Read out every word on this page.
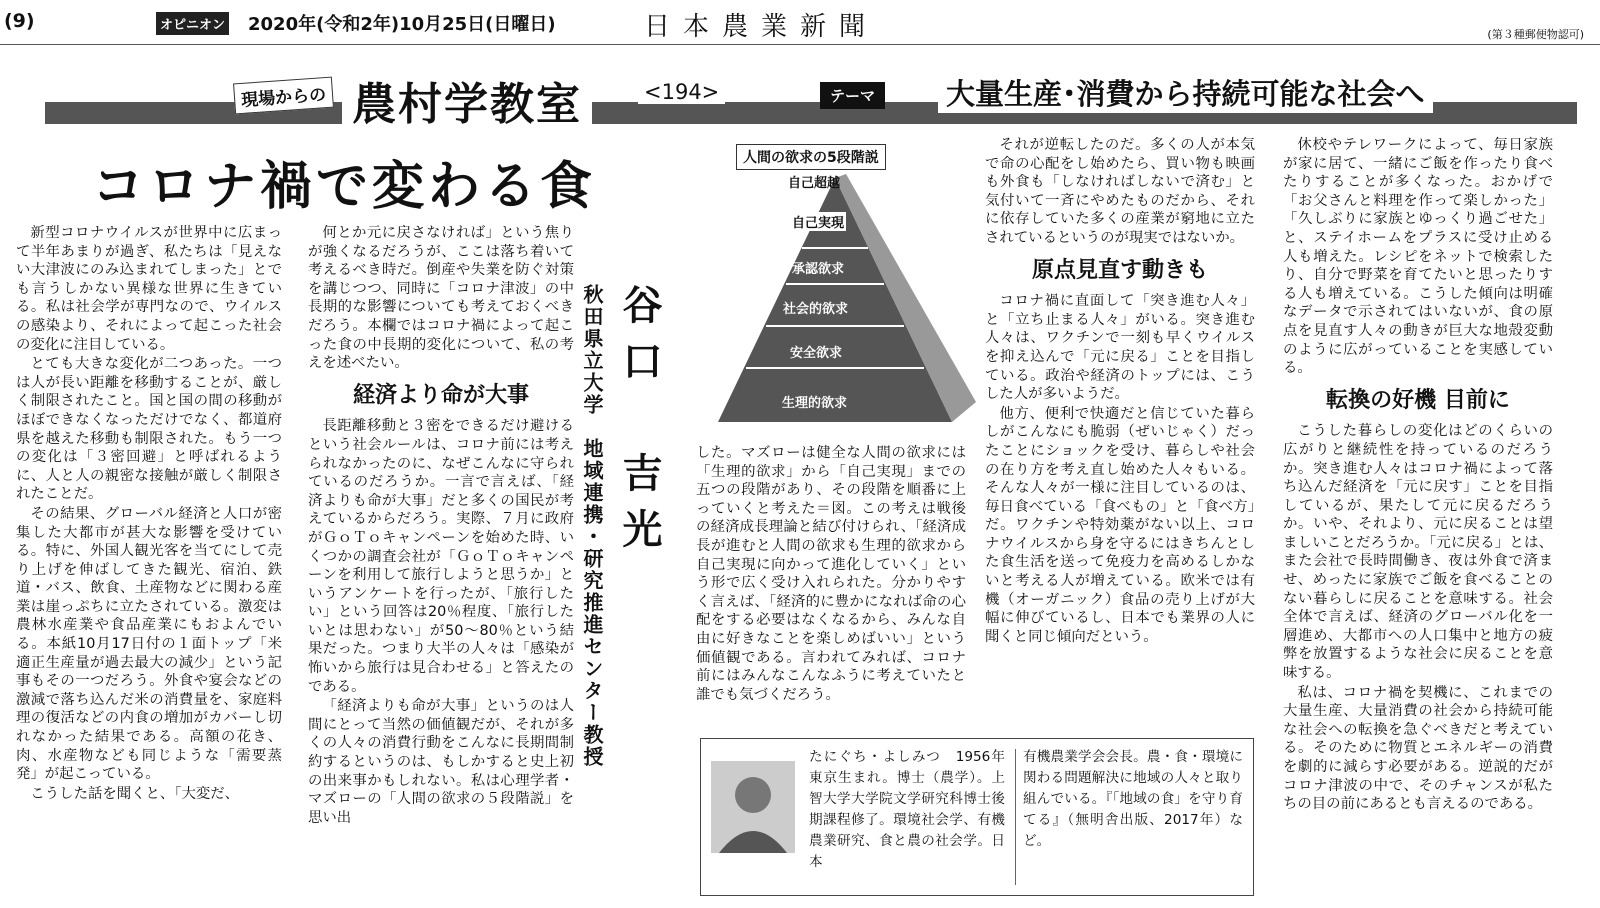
(9)	オピニオン 2020年(令和2年)10月25日(日曜日)	日本農業新聞	(第３種郵便物認可)
現場からの 農村学教室	<194>	テーマ	大量生産･消費から持続可能な社会へ
コロナ禍で変わる食

新型コロナウイルスが世界中に広まって半年あまりが過ぎ、私たちは「見えない大津波にのみ込まれてしまった」とでも言うしかない異様な世界に生きている。私は社会学が専門なので、ウイルスの感染より、それによって起こった社会の変化に注目している。

とても大きな変化が二つあった。一つは人が長い距離を移動することが、厳しく制限されたこと。国と国の間の移動がほぼできなくなっただけでなく、都道府県を越えた移動も制限された。もう一つの変化は「３密回避」と呼ばれるように、人と人の親密な接触が厳しく制限されたことだ。

その結果、グローバル経済と人口が密集した大都市が甚大な影響を受けている。特に、外国人観光客を当てにして売り上げを伸ばしてきた観光、宿泊、鉄道・バス、飲食、土産物などに関わる産業は崖っぷちに立たされている。激変は農林水産業や食品産業にもおよんでいる。本紙10月17日付の１面トップ「米適正生産量が過去最大の減少」という記事もその一つだろう。外食や宴会などの激減で落ち込んだ米の消費量を、家庭料理の復活などの内食の増加がカバーし切れなかった結果である。高額の花き、肉、水産物なども同じような「需要蒸発」が起こっている。

こうした話を聞くと、「大変だ、

何とか元に戻さなければ」という焦りが強くなるだろうが、ここは落ち着いて考えるべき時だ。倒産や失業を防ぐ対策を講じつつ、同時に「コロナ津波」の中長期的な影響についても考えておくべきだろう。本欄ではコロナ禍によって起こった食の中長期的変化について、私の考えを述べたい。

経済より命が大事

長距離移動と３密をできるだけ避けるという社会ルールは、コロナ前には考えられなかったのに、なぜこんなに守られているのだろうか。一言で言えば、「経済よりも命が大事」だと多くの国民が考えているからだろう。実際、７月に政府がＧｏＴｏキャンペーンを始めた時、いくつかの調査会社が「ＧｏＴｏキャンペーンを利用して旅行しようと思うか」というアンケートを行ったが、「旅行したい」という回答は20％程度、「旅行したいとは思わない」が50～80％という結果だった。つまり大半の人々は「感染が怖いから旅行は見合わせる」と答えたのである。

「経済よりも命が大事」というのは人間にとって当然の価値観だが、それが多くの人々の消費行動をこんなに長期間制約するというのは、もしかすると史上初の出来事かもしれない。私は心理学者・マズローの「人間の欲求の５段階説」を思い出

谷口　吉光
秋田県立大学　地域連携・研究推進センター教授
人間の欲求の5段階説
自己超越
自己実現
承認欲求
社会的欲求
安全欲求
生理的欲求

した。マズローは健全な人間の欲求には「生理的欲求」から「自己実現」までの五つの段階があり、その段階を順番に上っていくと考えた＝図。この考えは戦後の経済成長理論と結び付けられ、「経済成長が進むと人間の欲求も生理的欲求から自己実現に向かって進化していく」という形で広く受け入れられた。分かりやすく言えば、「経済的に豊かになれば命の心配をする必要はなくなるから、みんな自由に好きなことを楽しめばいい」という価値観である。言われてみれば、コロナ前にはみんなこんなふうに考えていたと誰でも気づくだろう。

それが逆転したのだ。多くの人が本気で命の心配をし始めたら、買い物も映画も外食も「しなければしないで済む」と気付いて一斉にやめたものだから、それに依存していた多くの産業が窮地に立たされているというのが現実ではないか。

原点見直す動きも

コロナ禍に直面して「突き進む人々」と「立ち止まる人々」がいる。突き進む人々は、ワクチンで一刻も早くウイルスを抑え込んで「元に戻る」ことを目指している。政治や経済のトップには、こうした人が多いようだ。

他方、便利で快適だと信じていた暮らしがこんなにも脆弱（ぜいじゃく）だったことにショックを受け、暮らしや社会の在り方を考え直し始めた人々もいる。そんな人々が一様に注目しているのは、毎日食べている「食べもの」と「食べ方」だ。ワクチンや特効薬がない以上、コロナウイルスから身を守るにはきちんとした食生活を送って免疫力を高めるしかないと考える人が増えている。欧米では有機（オーガニック）食品の売り上げが大幅に伸びているし、日本でも業界の人に聞くと同じ傾向だという。

休校やテレワークによって、毎日家族が家に居て、一緒にご飯を作ったり食べたりすることが多くなった。おかげで「お父さんと料理を作って楽しかった」「久しぶりに家族とゆっくり過ごせた」と、ステイホームをプラスに受け止める人も増えた。レシピをネットで検索したり、自分で野菜を育てたいと思ったりする人も増えている。こうした傾向は明確なデータで示されてはいないが、食の原点を見直す人々の動きが巨大な地殻変動のように広がっていることを実感している。

転換の好機 目前に

こうした暮らしの変化はどのくらいの広がりと継続性を持っているのだろうか。突き進む人々はコロナ禍によって落ち込んだ経済を「元に戻す」ことを目指しているが、果たして元に戻るだろうか。いや、それより、元に戻ることは望ましいことだろうか。「元に戻る」とは、また会社で長時間働き、夜は外食で済ませ、めったに家族でご飯を食べることのない暮らしに戻ることを意味する。社会全体で言えば、経済のグローバル化を一層進め、大都市への人口集中と地方の疲弊を放置するような社会に戻ることを意味する。

私は、コロナ禍を契機に、これまでの大量生産、大量消費の社会から持続可能な社会への転換を急ぐべきだと考えている。そのために物質とエネルギーの消費を劇的に減らす必要がある。逆説的だがコロナ津波の中で、そのチャンスが私たちの目の前にあるとも言えるのである。

たにぐち・よしみつ　1956年東京生まれ。博士（農学）。上智大学大学院文学研究科博士後期課程修了。環境社会学、有機農業研究、食と農の社会学。日本
有機農業学会会長。農・食・環境に関わる問題解決に地域の人々と取り組んでいる。『「地域の食」を守り育てる』（無明舎出版、2017年）など。
